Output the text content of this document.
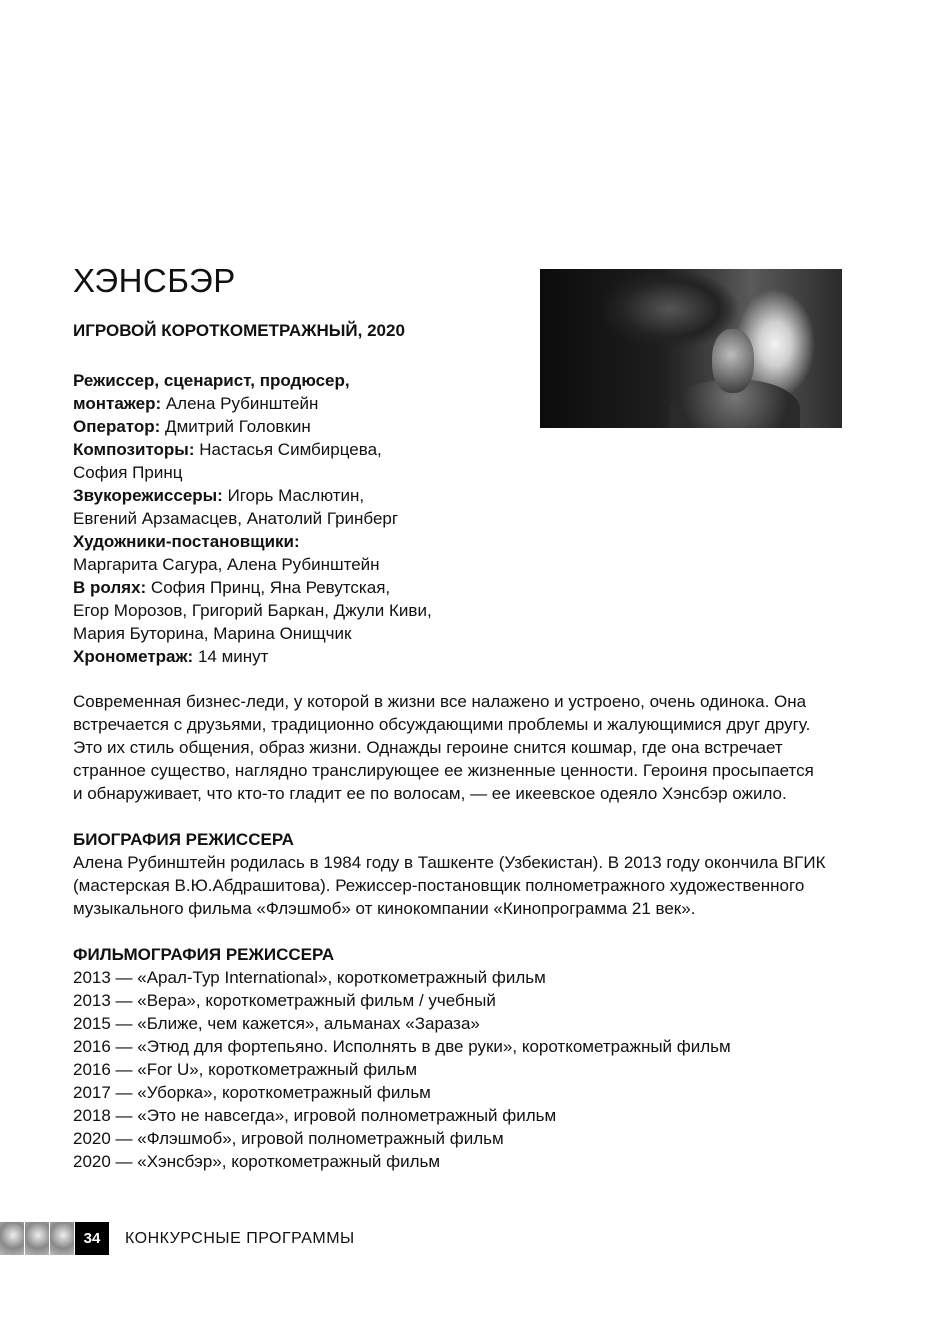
ХЭНСБЭР
ИГРОВОЙ КОРОТКОМЕТРАЖНЫЙ, 2020
Режиссер, сценарист, продюсер,
монтажер: Алена Рубинштейн
Оператор: Дмитрий Головкин
Композиторы: Настасья Симбирцева,
София Принц
Звукорежиссеры: Игорь Маслютин,
Евгений Арзамасцев, Анатолий Гринберг
Художники-постановщики:
Маргарита Сагура, Алена Рубинштейн
В ролях: София Принц, Яна Ревутская,
Егор Морозов, Григорий Баркан, Джули Киви,
Мария Буторина, Марина Онищчик
Хронометраж: 14 минут
Современная бизнес-леди, у которой в жизни все налажено и устроено, очень одинока. Она
встречается с друзьями, традиционно обсуждающими проблемы и жалующимися друг другу.
Это их стиль общения, образ жизни. Однажды героине снится кошмар, где она встречает
странное существо, наглядно транслирующее ее жизненные ценности. Героиня просыпается
и обнаруживает, что кто-то гладит ее по волосам, — ее икеевское одеяло Хэнсбэр ожило.
БИОГРАФИЯ РЕЖИССЕРА
Алена Рубинштейн родилась в 1984 году в Ташкенте (Узбекистан). В 2013 году окончила ВГИК
(мастерская В.Ю.Абдрашитова). Режиссер-постановщик полнометражного художественного
музыкального фильма «Флэшмоб» от кинокомпании «Кинопрограмма 21 век».
ФИЛЬМОГРАФИЯ РЕЖИССЕРА
2013 — «Арал-Тур International», короткометражный фильм
2013 — «Вера», короткометражный фильм / учебный
2015 — «Ближе, чем кажется», альманах «Зараза»
2016 — «Этюд для фортепьяно. Исполнять в две руки», короткометражный фильм
2016 — «For U», короткометражный фильм
2017 — «Уборка», короткометражный фильм
2018 — «Это не навсегда», игровой полнометражный фильм
2020 — «Флэшмоб», игровой полнометражный фильм
2020 — «Хэнсбэр», короткометражный фильм
34	КОНКУРСНЫЕ ПРОГРАММЫ
